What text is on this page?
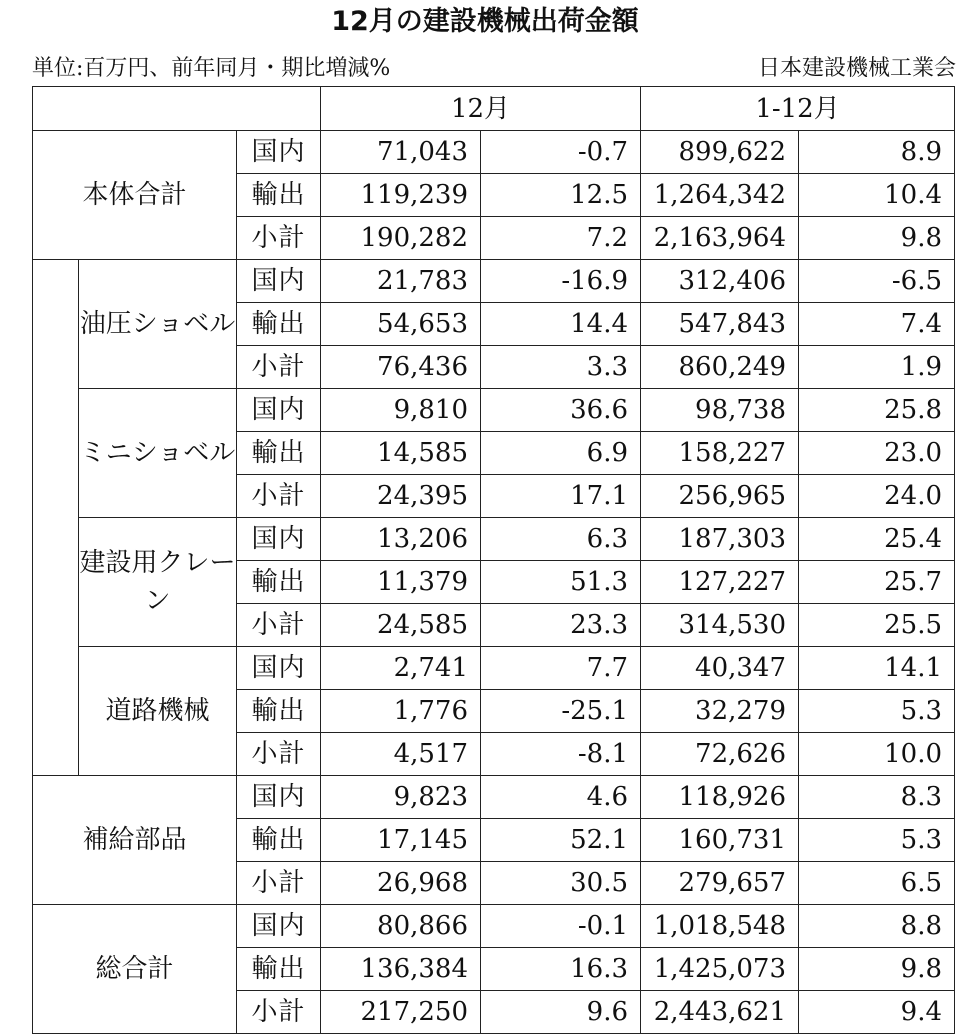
12月の建設機械出荷金額
単位:百万円、前年同月・期比増減%	日本建設機械工業会
			12月		1-12月	
本体合計		国内	71,043	-0.7	899,622	8.9
		輸出	119,239	12.5	1,264,342	10.4
		小計	190,282	7.2	2,163,964	9.8
	油圧ショベル	国内	21,783	-16.9	312,406	-6.5
		輸出	54,653	14.4	547,843	7.4
		小計	76,436	3.3	860,249	1.9
	ミニショベル	国内	9,810	36.6	98,738	25.8
		輸出	14,585	6.9	158,227	23.0
		小計	24,395	17.1	256,965	24.0
	建設用クレーン	国内	13,206	6.3	187,303	25.4
		輸出	11,379	51.3	127,227	25.7
		小計	24,585	23.3	314,530	25.5
	道路機械	国内	2,741	7.7	40,347	14.1
		輸出	1,776	-25.1	32,279	5.3
		小計	4,517	-8.1	72,626	10.0
補給部品		国内	9,823	4.6	118,926	8.3
		輸出	17,145	52.1	160,731	5.3
		小計	26,968	30.5	279,657	6.5
総合計		国内	80,866	-0.1	1,018,548	8.8
		輸出	136,384	16.3	1,425,073	9.8
		小計	217,250	9.6	2,443,621	9.4
